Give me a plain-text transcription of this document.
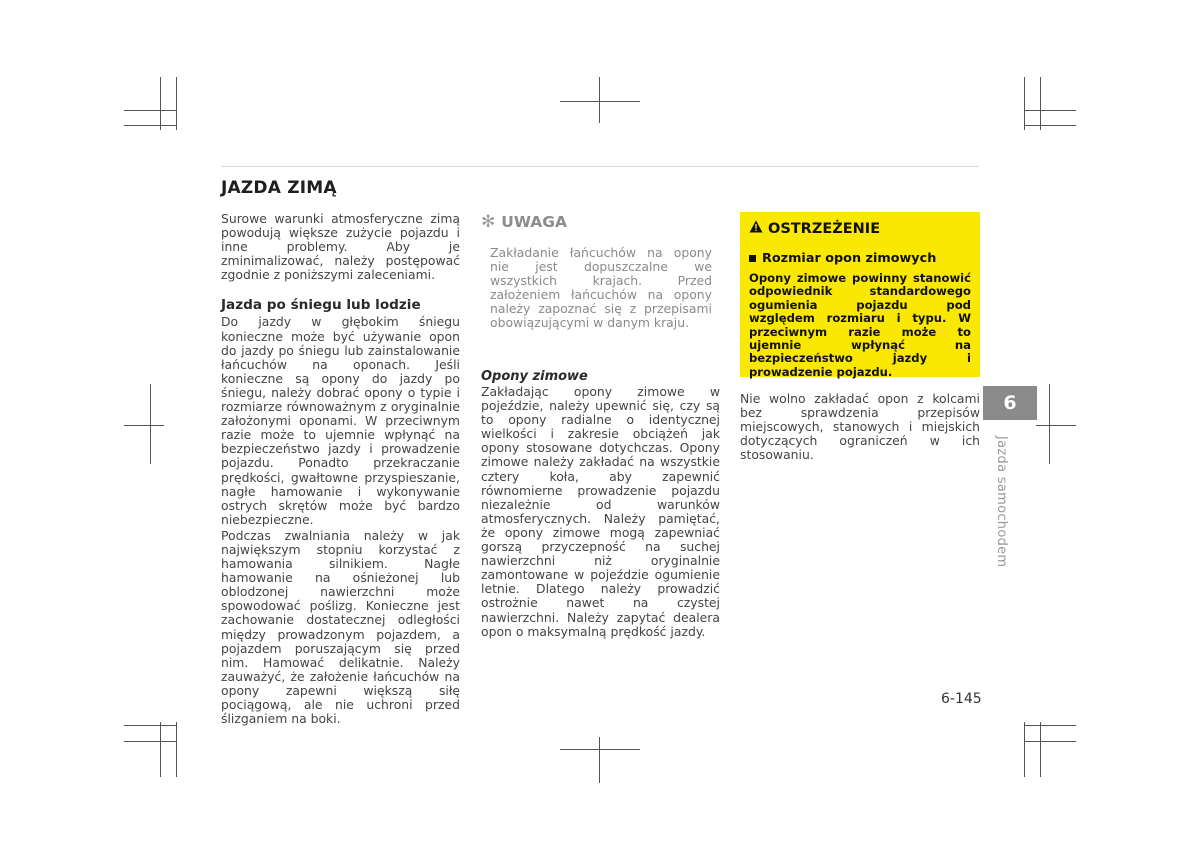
JAZDA ZIMĄ

Surowe warunki atmosferyczne zimą powodują większe zużycie pojazdu i inne problemy. Aby je zminimalizować, należy postępować zgodnie z poniższymi zaleceniami.

Jazda po śniegu lub lodzie

Do jazdy w głębokim śniegu konieczne może być używanie opon do jazdy po śniegu lub zainstalowanie łańcuchów na oponach. Jeśli konieczne są opony do jazdy po śniegu, należy dobrać opony o typie i rozmiarze równoważnym z oryginalnie założonymi oponami. W przeciwnym razie może to ujemnie wpłynąć na bezpieczeństwo jazdy i prowadzenie pojazdu. Ponadto przekraczanie prędkości, gwałtowne przyspieszanie, nagłe hamowanie i wykonywanie ostrych skrętów może być bardzo niebezpieczne.

Podczas zwalniania należy w jak największym stopniu korzystać z hamowania silnikiem. Nagłe hamowanie na ośnieżonej lub oblodzonej nawierzchni może spowodować poślizg. Konieczne jest zachowanie dostatecznej odległości między prowadzonym pojazdem, a pojazdem poruszającym się przed nim. Hamować delikatnie. Należy zauważyć, że założenie łańcuchów na opony zapewni większą siłę pociągową, ale nie uchroni przed ślizganiem na boki.

✻ UWAGA
Zakładanie łańcuchów na opony nie jest dopuszczalne we wszystkich krajach. Przed założeniem łańcuchów na opony należy zapoznać się z przepisami obowiązującymi w danym kraju.

Opony zimowe

Zakładając opony zimowe w pojeździe, należy upewnić się, czy są to opony radialne o identycznej wielkości i zakresie obciążeń jak opony stosowane dotychczas. Opony zimowe należy zakładać na wszystkie cztery koła, aby zapewnić równomierne prowadzenie pojazdu niezależnie od warunków atmosferycznych. Należy pamiętać, że opony zimowe mogą zapewniać gorszą przyczepność na suchej nawierzchni niż oryginalnie zamontowane w pojeździe ogumienie letnie. Dlatego należy prowadzić ostrożnie nawet na czystej nawierzchni. Należy zapytać dealera opon o maksymalną prędkość jazdy.

OSTRZEŻENIE
Rozmiar opon zimowych
Opony zimowe powinny stanowić odpowiednik standardowego ogumienia pojazdu pod względem rozmiaru i typu. W przeciwnym razie może to ujemnie wpłynąć na bezpieczeństwo jazdy i prowadzenie pojazdu.

Nie wolno zakładać opon z kolcami bez sprawdzenia przepisów miejscowych, stanowych i miejskich dotyczących ograniczeń w ich stosowaniu.

6
Jazda samochodem
6-145
